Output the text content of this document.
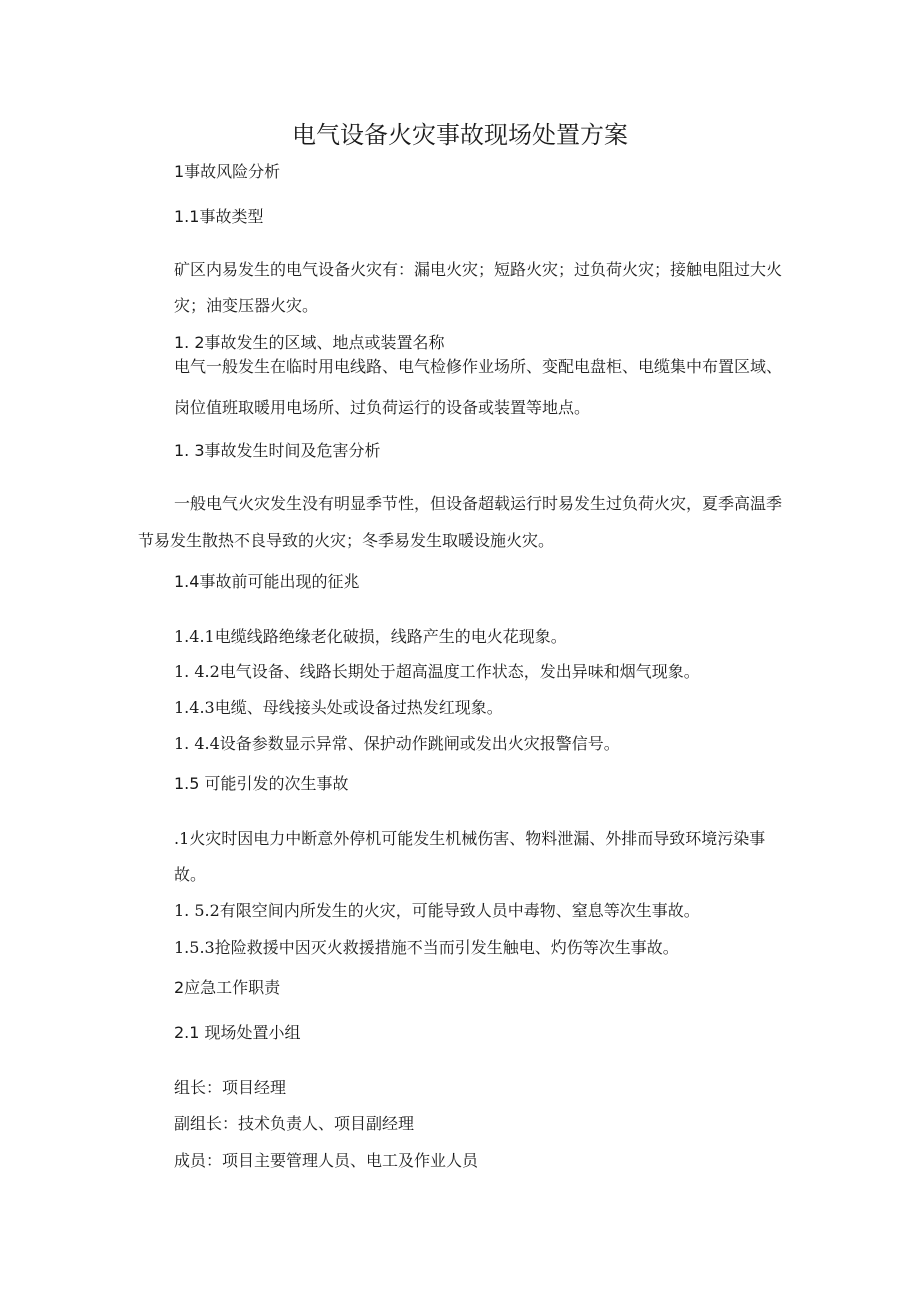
电气设备火灾事故现场处置方案

1事故风险分析

1.1事故类型

矿区内易发生的电气设备火灾有：漏电火灾；短路火灾；过负荷火灾；接触电阻过大火

灾；油变压器火灾。

1. 2事故发生的区域、地点或装置名称

电气一般发生在临时用电线路、电气检修作业场所、变配电盘柜、电缆集中布置区域、

岗位值班取暖用电场所、过负荷运行的设备或装置等地点。

1. 3事故发生时间及危害分析

一般电气火灾发生没有明显季节性，但设备超载运行时易发生过负荷火灾，夏季高温季

节易发生散热不良导致的火灾；冬季易发生取暖设施火灾。

1.4事故前可能出现的征兆

1.4.1电缆线路绝缘老化破损，线路产生的电火花现象。

1. 4.2电气设备、线路长期处于超高温度工作状态，发出异味和烟气现象。

1.4.3电缆、母线接头处或设备过热发红现象。

1. 4.4设备参数显示异常、保护动作跳闸或发出火灾报警信号。

1.5 可能引发的次生事故

.1火灾时因电力中断意外停机可能发生机械伤害、物料泄漏、外排而导致环境污染事

故。

1. 5.2有限空间内所发生的火灾，可能导致人员中毒物、窒息等次生事故。

1.5.3抢险救援中因灭火救援措施不当而引发生触电、灼伤等次生事故。

2应急工作职责

2.1 现场处置小组

组长：项目经理

副组长：技术负责人、项目副经理

成员：项目主要管理人员、电工及作业人员
